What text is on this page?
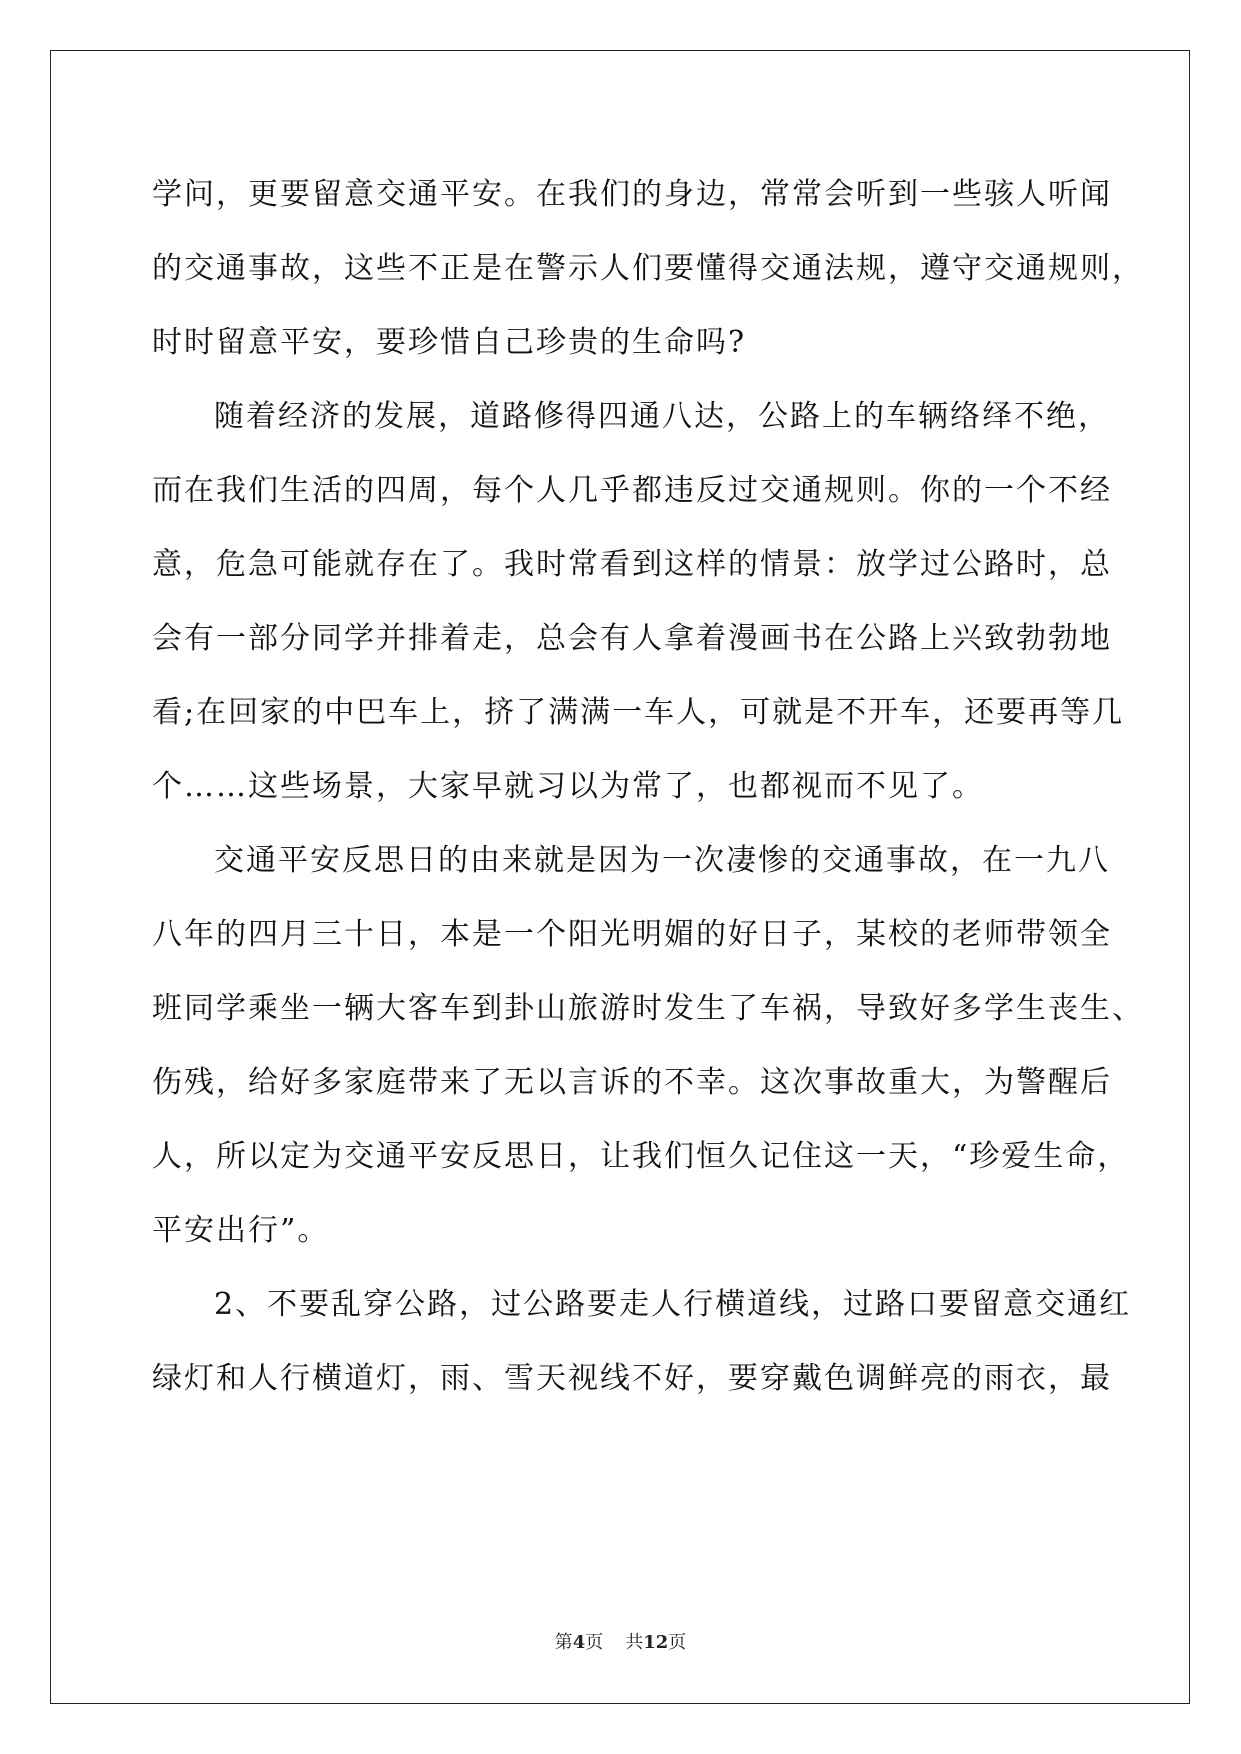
学问，更要留意交通平安。在我们的身边，常常会听到一些骇人听闻
的交通事故，这些不正是在警示人们要懂得交通法规，遵守交通规则，
时时留意平安，要珍惜自己珍贵的生命吗?
随着经济的发展，道路修得四通八达，公路上的车辆络绎不绝，
而在我们生活的四周，每个人几乎都违反过交通规则。你的一个不经
意，危急可能就存在了。我时常看到这样的情景：放学过公路时，总
会有一部分同学并排着走，总会有人拿着漫画书在公路上兴致勃勃地
看;在回家的中巴车上，挤了满满一车人，可就是不开车，还要再等几
个……这些场景，大家早就习以为常了，也都视而不见了。
交通平安反思日的由来就是因为一次凄惨的交通事故，在一九八
八年的四月三十日，本是一个阳光明媚的好日子，某校的老师带领全
班同学乘坐一辆大客车到卦山旅游时发生了车祸，导致好多学生丧生、
伤残，给好多家庭带来了无以言诉的不幸。这次事故重大，为警醒后
人，所以定为交通平安反思日，让我们恒久记住这一天，“珍爱生命，
平安出行”。
2、不要乱穿公路，过公路要走人行横道线，过路口要留意交通红
绿灯和人行横道灯，雨、雪天视线不好，要穿戴色调鲜亮的雨衣，最
第4页 共12页
